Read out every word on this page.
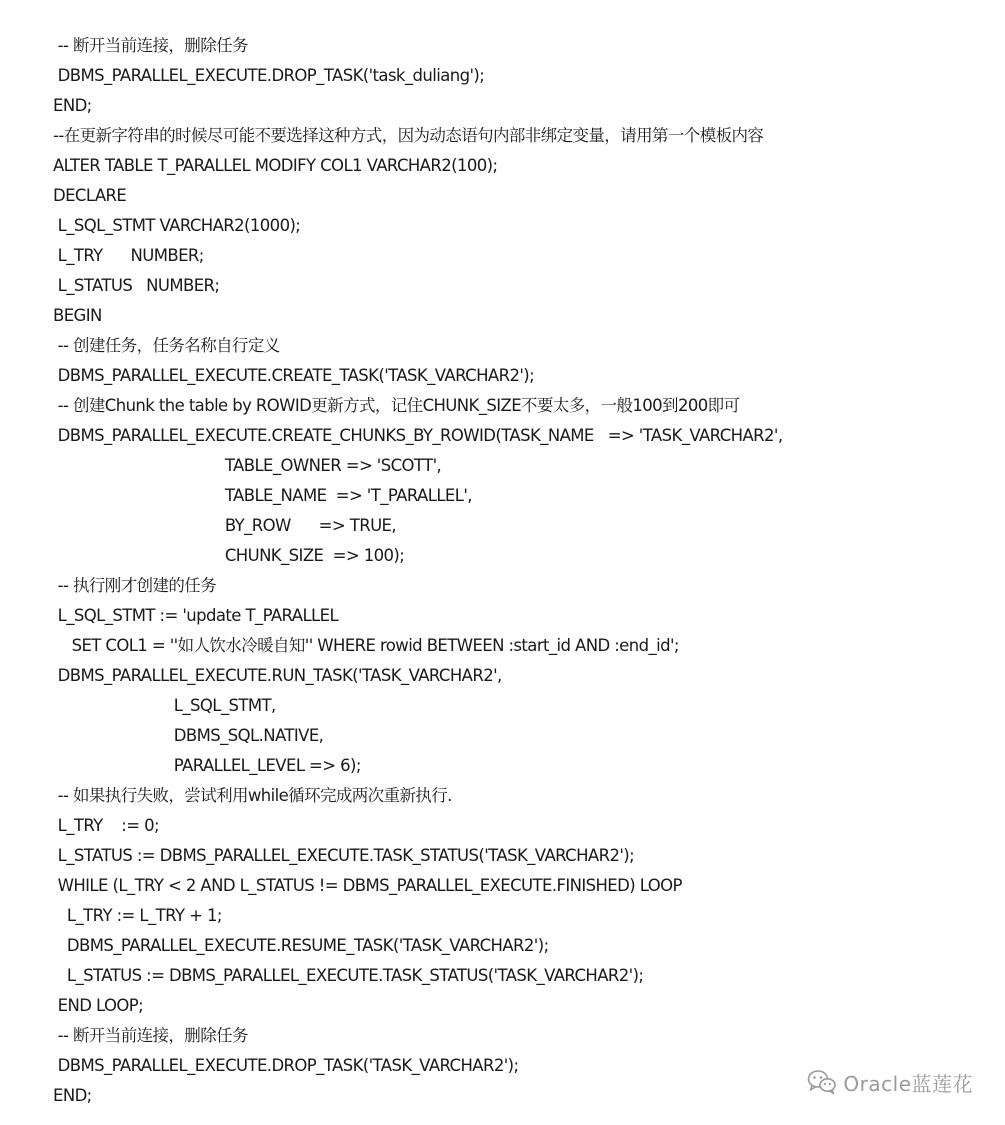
-- 断开当前连接，删除任务
DBMS_PARALLEL_EXECUTE.DROP_TASK('task_duliang');
END;
--在更新字符串的时候尽可能不要选择这种方式，因为动态语句内部非绑定变量，请用第一个模板内容
ALTER TABLE T_PARALLEL MODIFY COL1 VARCHAR2(100);
DECLARE
L_SQL_STMT VARCHAR2(1000);
L_TRY      NUMBER;
L_STATUS   NUMBER;
BEGIN
-- 创建任务，任务名称自行定义
DBMS_PARALLEL_EXECUTE.CREATE_TASK('TASK_VARCHAR2');
-- 创建Chunk the table by ROWID更新方式，记住CHUNK_SIZE不要太多，一般100到200即可
DBMS_PARALLEL_EXECUTE.CREATE_CHUNKS_BY_ROWID(TASK_NAME   => 'TASK_VARCHAR2',
TABLE_OWNER => 'SCOTT',
TABLE_NAME  => 'T_PARALLEL',
BY_ROW      => TRUE,
CHUNK_SIZE  => 100);
-- 执行刚才创建的任务
L_SQL_STMT := 'update T_PARALLEL
SET COL1 = ''如人饮水冷暖自知'' WHERE rowid BETWEEN :start_id AND :end_id';
DBMS_PARALLEL_EXECUTE.RUN_TASK('TASK_VARCHAR2',
L_SQL_STMT,
DBMS_SQL.NATIVE,
PARALLEL_LEVEL => 6);
-- 如果执行失败，尝试利用while循环完成两次重新执行.
L_TRY    := 0;
L_STATUS := DBMS_PARALLEL_EXECUTE.TASK_STATUS('TASK_VARCHAR2');
WHILE (L_TRY < 2 AND L_STATUS != DBMS_PARALLEL_EXECUTE.FINISHED) LOOP
L_TRY := L_TRY + 1;
DBMS_PARALLEL_EXECUTE.RESUME_TASK('TASK_VARCHAR2');
L_STATUS := DBMS_PARALLEL_EXECUTE.TASK_STATUS('TASK_VARCHAR2');
END LOOP;
-- 断开当前连接，删除任务
DBMS_PARALLEL_EXECUTE.DROP_TASK('TASK_VARCHAR2');
END;	Oracle蓝莲花
